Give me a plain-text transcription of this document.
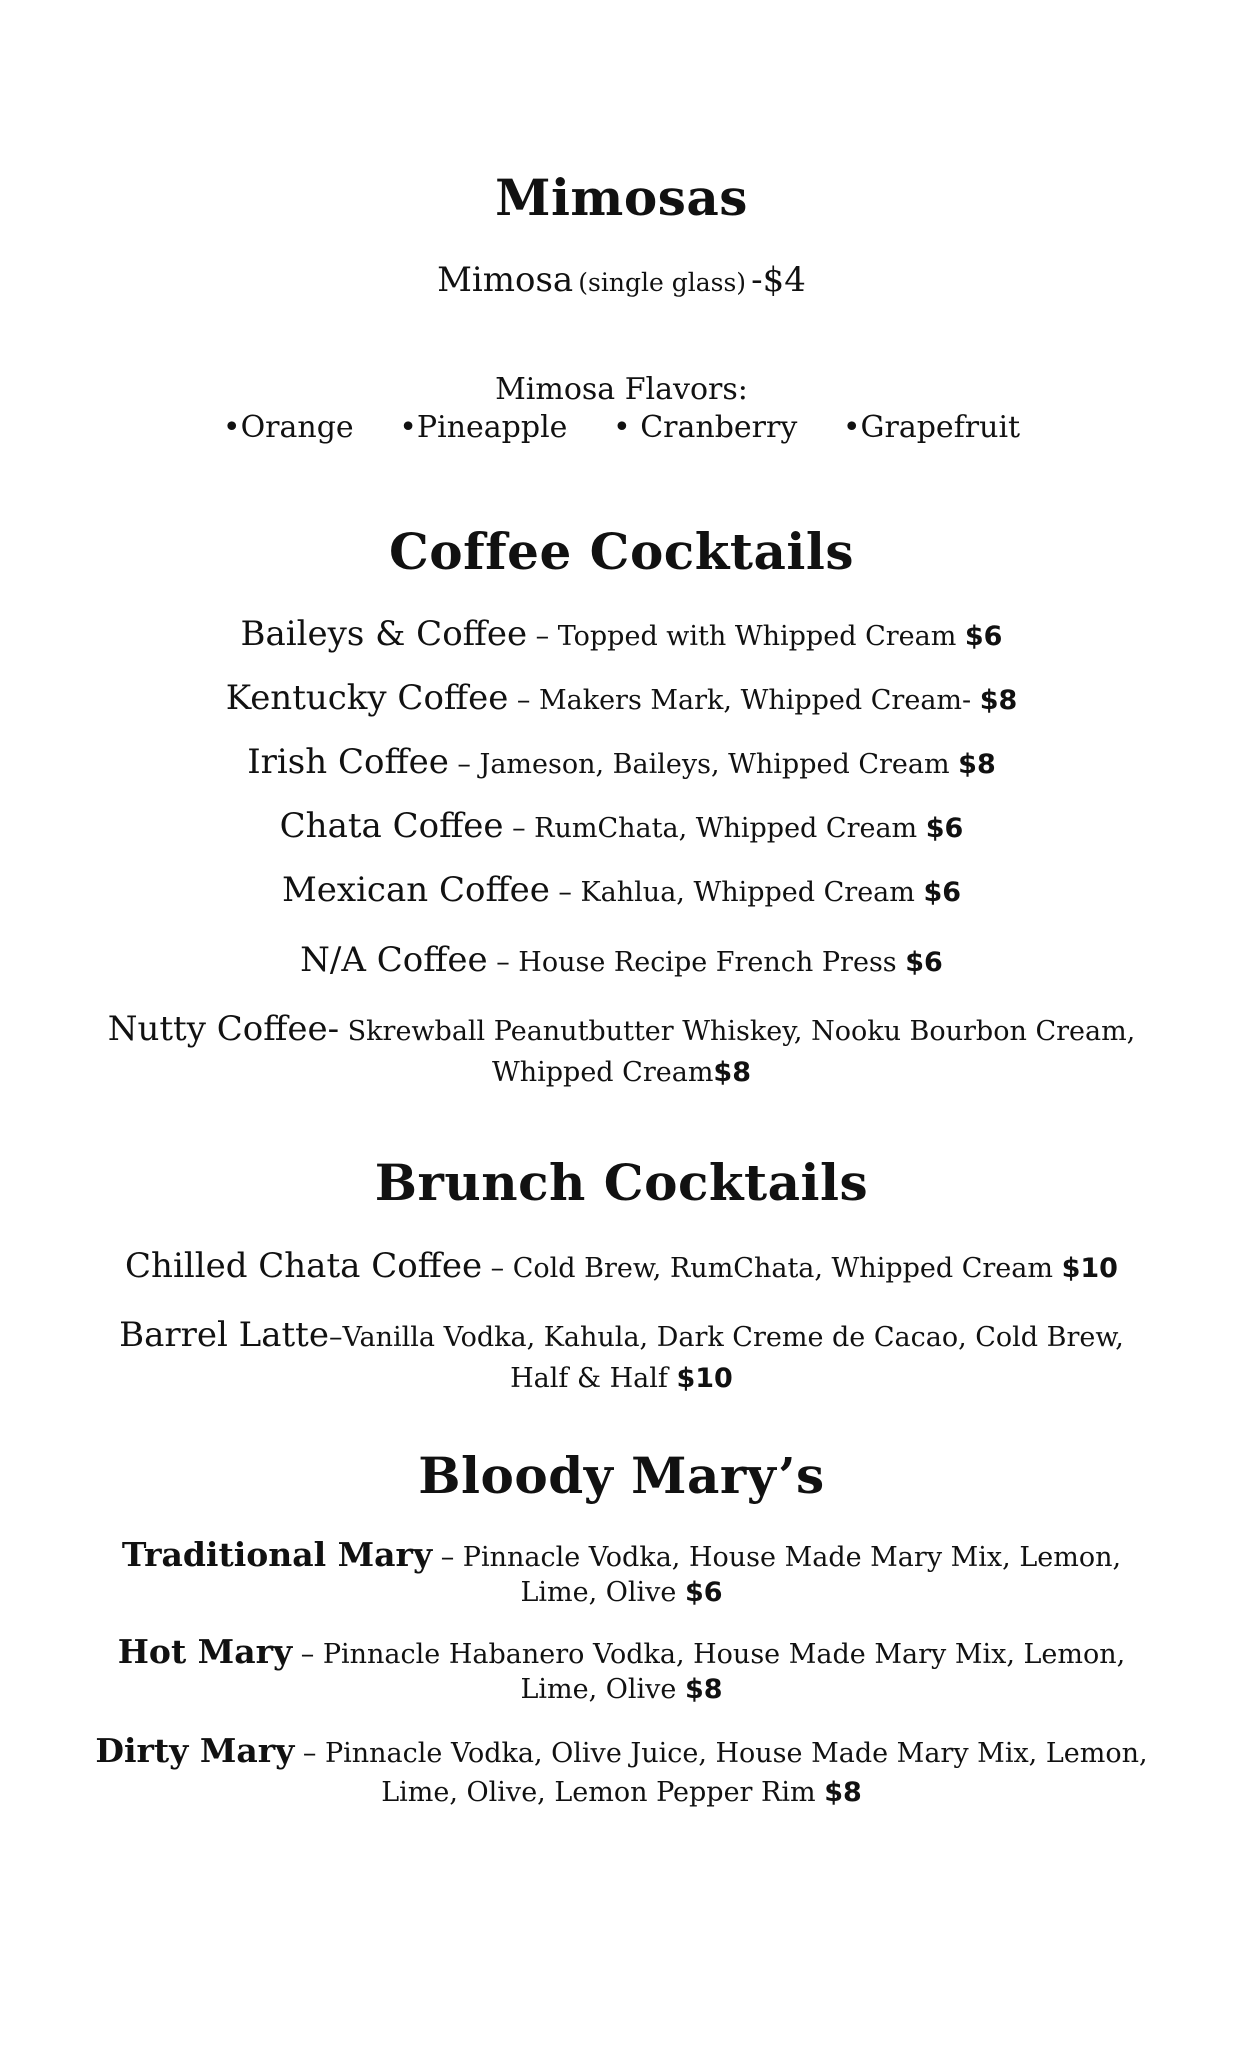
Mimosas
Mimosa (single glass) -$4
Mimosa Flavors:
•Orange •Pineapple • Cranberry •Grapefruit
Coffee Cocktails
Baileys & Coffee – Topped with Whipped Cream $6
Kentucky Coffee – Makers Mark, Whipped Cream- $8
Irish Coffee – Jameson, Baileys, Whipped Cream $8
Chata Coffee – RumChata, Whipped Cream $6
Mexican Coffee – Kahlua, Whipped Cream $6
N/A Coffee – House Recipe French Press $6
Nutty Coffee- Skrewball Peanutbutter Whiskey, Nooku Bourbon Cream, Whipped Cream$8
Brunch Cocktails
Chilled Chata Coffee – Cold Brew, RumChata, Whipped Cream $10
Barrel Latte–Vanilla Vodka, Kahula, Dark Creme de Cacao, Cold Brew, Half & Half $10
Bloody Mary’s
Traditional Mary – Pinnacle Vodka, House Made Mary Mix, Lemon, Lime, Olive $6
Hot Mary – Pinnacle Habanero Vodka, House Made Mary Mix, Lemon, Lime, Olive $8
Dirty Mary – Pinnacle Vodka, Olive Juice, House Made Mary Mix, Lemon, Lime, Olive, Lemon Pepper Rim $8
